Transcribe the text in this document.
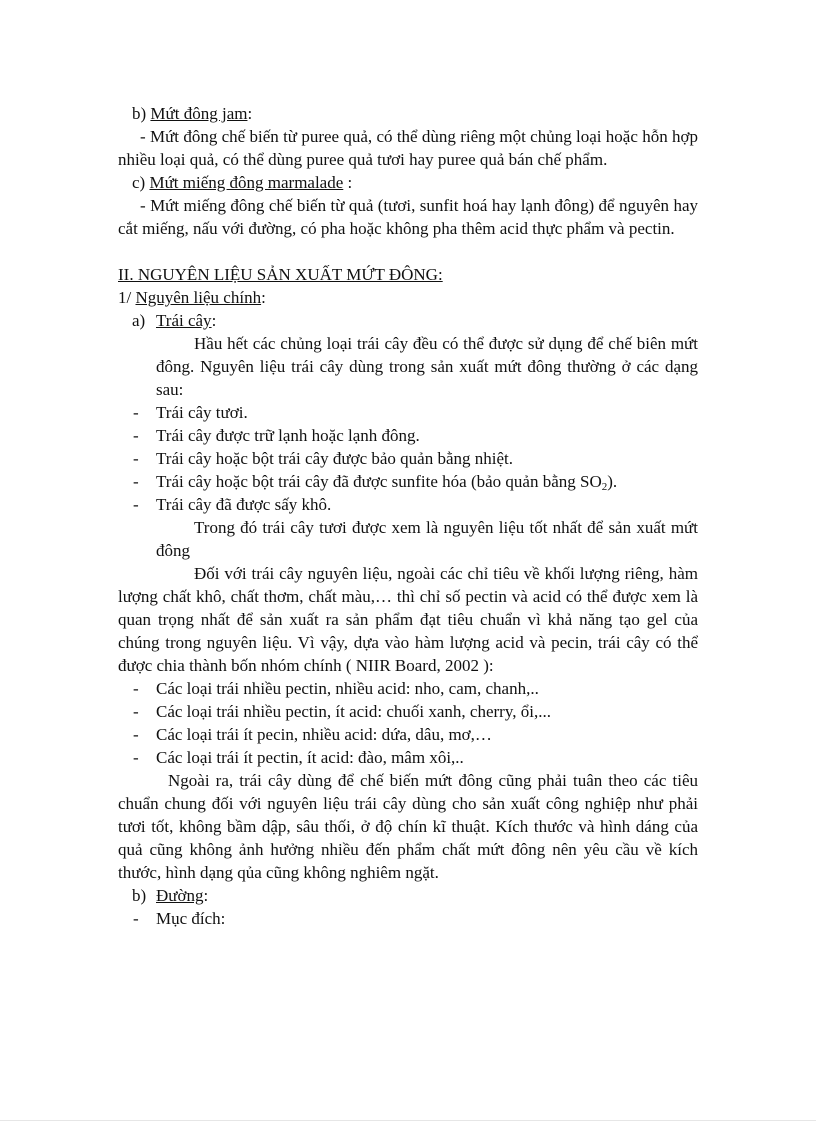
b) Mứt đông jam:

- Mứt đông chế biến từ puree quả, có thể dùng riêng một chủng loại hoặc hỗn hợp nhiều loại quả, có thể dùng puree quả tươi hay puree quả bán chế phẩm.

c) Mứt miếng đông marmalade :

- Mứt miếng đông chế biến từ quả (tươi, sunfit hoá hay lạnh đông) để nguyên hay cắt miếng, nấu với đường, có pha hoặc không pha thêm acid thực phẩm và pectin.

II. NGUYÊN LIỆU SẢN XUẤT MỨT ĐÔNG:

1/ Nguyên liệu chính:

a) Trái cây:

Hầu hết các chủng loại trái cây đều có thể được sử dụng để chế biên mứt đông. Nguyên liệu trái cây dùng trong sản xuất mứt đông thường ở các dạng sau:

- Trái cây tươi.
- Trái cây được trữ lạnh hoặc lạnh đông.
- Trái cây hoặc bột trái cây được bảo quản bằng nhiệt.
- Trái cây hoặc bột trái cây đã được sunfite hóa (bảo quản bằng $SO_2$).
- Trái cây đã được sấy khô.

Trong đó trái cây tươi được xem là nguyên liệu tốt nhất để sản xuất mứt đông

Đối với trái cây nguyên liệu, ngoài các chỉ tiêu về khối lượng riêng, hàm lượng chất khô, chất thơm, chất màu,… thì chỉ số pectin và acid có thể được xem là quan trọng nhất để sản xuất ra sản phẩm đạt tiêu chuẩn vì khả năng tạo gel của chúng trong nguyên liệu. Vì vậy, dựa vào hàm lượng acid và pecin, trái cây có thể được chia thành bốn nhóm chính ( NIIR Board, 2002 ):

- Các loại trái nhiều pectin, nhiều acid: nho, cam, chanh,..
- Các loại trái nhiều pectin, ít acid: chuối xanh, cherry, ổi,...
- Các loại trái ít pecin, nhiều acid: dứa, dâu, mơ,…
- Các loại trái ít pectin, ít acid: đào, mâm xôi,..

Ngoài ra, trái cây dùng để chế biến mứt đông cũng phải tuân theo các tiêu chuẩn chung đối với nguyên liệu trái cây dùng cho sản xuất công nghiệp như phải tươi tốt, không bầm dập, sâu thối, ở độ chín kĩ thuật. Kích thước và hình dáng của quả cũng không ảnh hưởng nhiều đến phẩm chất mứt đông nên yêu cầu về kích thước, hình dạng qủa cũng không nghiêm ngặt.

b) Đường:
- Mục đích:
